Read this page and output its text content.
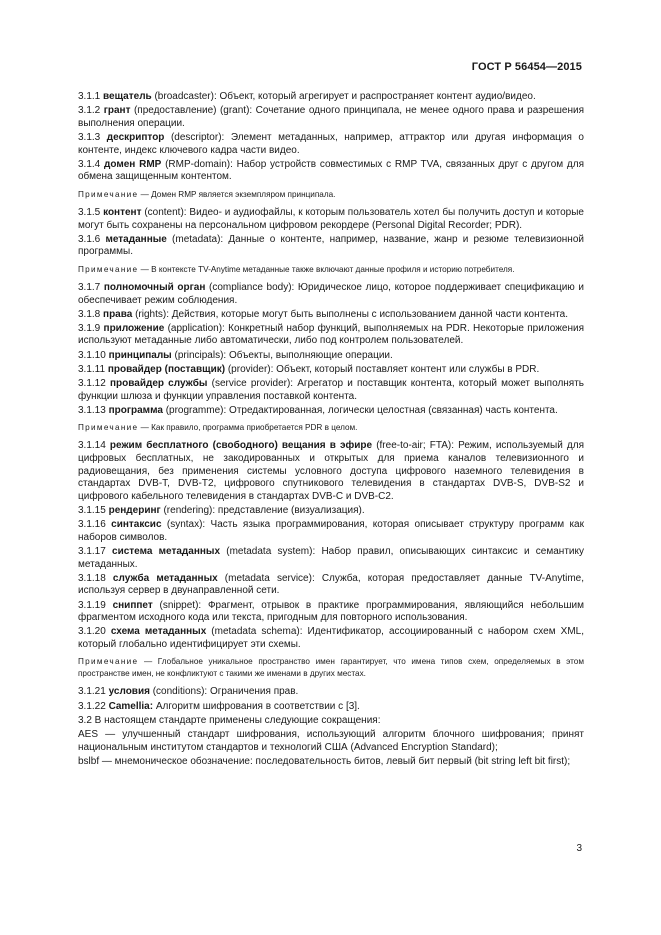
ГОСТ Р 56454—2015

3.1.1 вещатель (broadcaster): Объект, который агрегирует и распространяет контент аудио/видео.

3.1.2 грант (предоставление) (grant): Сочетание одного принципала, не менее одного права и разрешения выполнения операции.

3.1.3 дескриптор (descriptor): Элемент метаданных, например, аттрактор или другая информация о контенте, индекс ключевого кадра части видео.

3.1.4 домен RMP (RMP-domain): Набор устройств совместимых с RMP TVA, связанных друг с другом для обмена защищенным контентом.

Примечание — Домен RMP является экземпляром принципала.

3.1.5 контент (content): Видео- и аудиофайлы, к которым пользователь хотел бы получить доступ и которые могут быть сохранены на персональном цифровом рекордере (Personal Digital Recorder; PDR).

3.1.6 метаданные (metadata): Данные о контенте, например, название, жанр и резюме телевизионной программы.

Примечание — В контексте TV-Anytime метаданные также включают данные профиля и историю потребителя.

3.1.7 полномочный орган (compliance body): Юридическое лицо, которое поддерживает спецификацию и обеспечивает режим соблюдения.

3.1.8 права (rights): Действия, которые могут быть выполнены с использованием данной части контента.

3.1.9 приложение (application): Конкретный набор функций, выполняемых на PDR. Некоторые приложения используют метаданные либо автоматически, либо под контролем пользователей.

3.1.10 принципалы (principals): Объекты, выполняющие операции.

3.1.11 провайдер (поставщик) (provider): Объект, который поставляет контент или службы в PDR.

3.1.12 провайдер службы (service provider): Агрегатор и поставщик контента, который может выполнять функции шлюза и функции управления поставкой контента.

3.1.13 программа (programme): Отредактированная, логически целостная (связанная) часть контента.

Примечание — Как правило, программа приобретается PDR в целом.

3.1.14 режим бесплатного (свободного) вещания в эфире (free-to-air; FTA): Режим, используемый для цифровых бесплатных, не закодированных и открытых для приема каналов телевизионного и радиовещания, без применения системы условного доступа цифрового наземного телевидения в стандартах DVB-T, DVB-T2, цифрового спутникового телевидения в стандартах DVB-S, DVB-S2 и цифрового кабельного телевидения в стандартах DVB-C и DVB-C2.

3.1.15 рендеринг (rendering): представление (визуализация).

3.1.16 синтаксис (syntax): Часть языка программирования, которая описывает структуру программ как наборов символов.

3.1.17 система метаданных (metadata system): Набор правил, описывающих синтаксис и семантику метаданных.

3.1.18 служба метаданных (metadata service): Служба, которая предоставляет данные TV-Anytime, используя сервер в двунаправленной сети.

3.1.19 сниппет (snippet): Фрагмент, отрывок в практике программирования, являющийся небольшим фрагментом исходного кода или текста, пригодным для повторного использования.

3.1.20 схема метаданных (metadata schema): Идентификатор, ассоциированный с набором схем XML, который глобально идентифицирует эти схемы.

Примечание — Глобальное уникальное пространство имен гарантирует, что имена типов схем, определяемых в этом пространстве имен, не конфликтуют с такими же именами в других местах.

3.1.21 условия (conditions): Ограничения прав.

3.1.22 Camellia: Алгоритм шифрования в соответствии с [3].

3.2 В настоящем стандарте применены следующие сокращения:

AES — улучшенный стандарт шифрования, использующий алгоритм блочного шифрования; принят национальным институтом стандартов и технологий США (Advanced Encryption Standard);

bslbf — мнемоническое обозначение: последовательность битов, левый бит первый (bit string left bit first);

3
